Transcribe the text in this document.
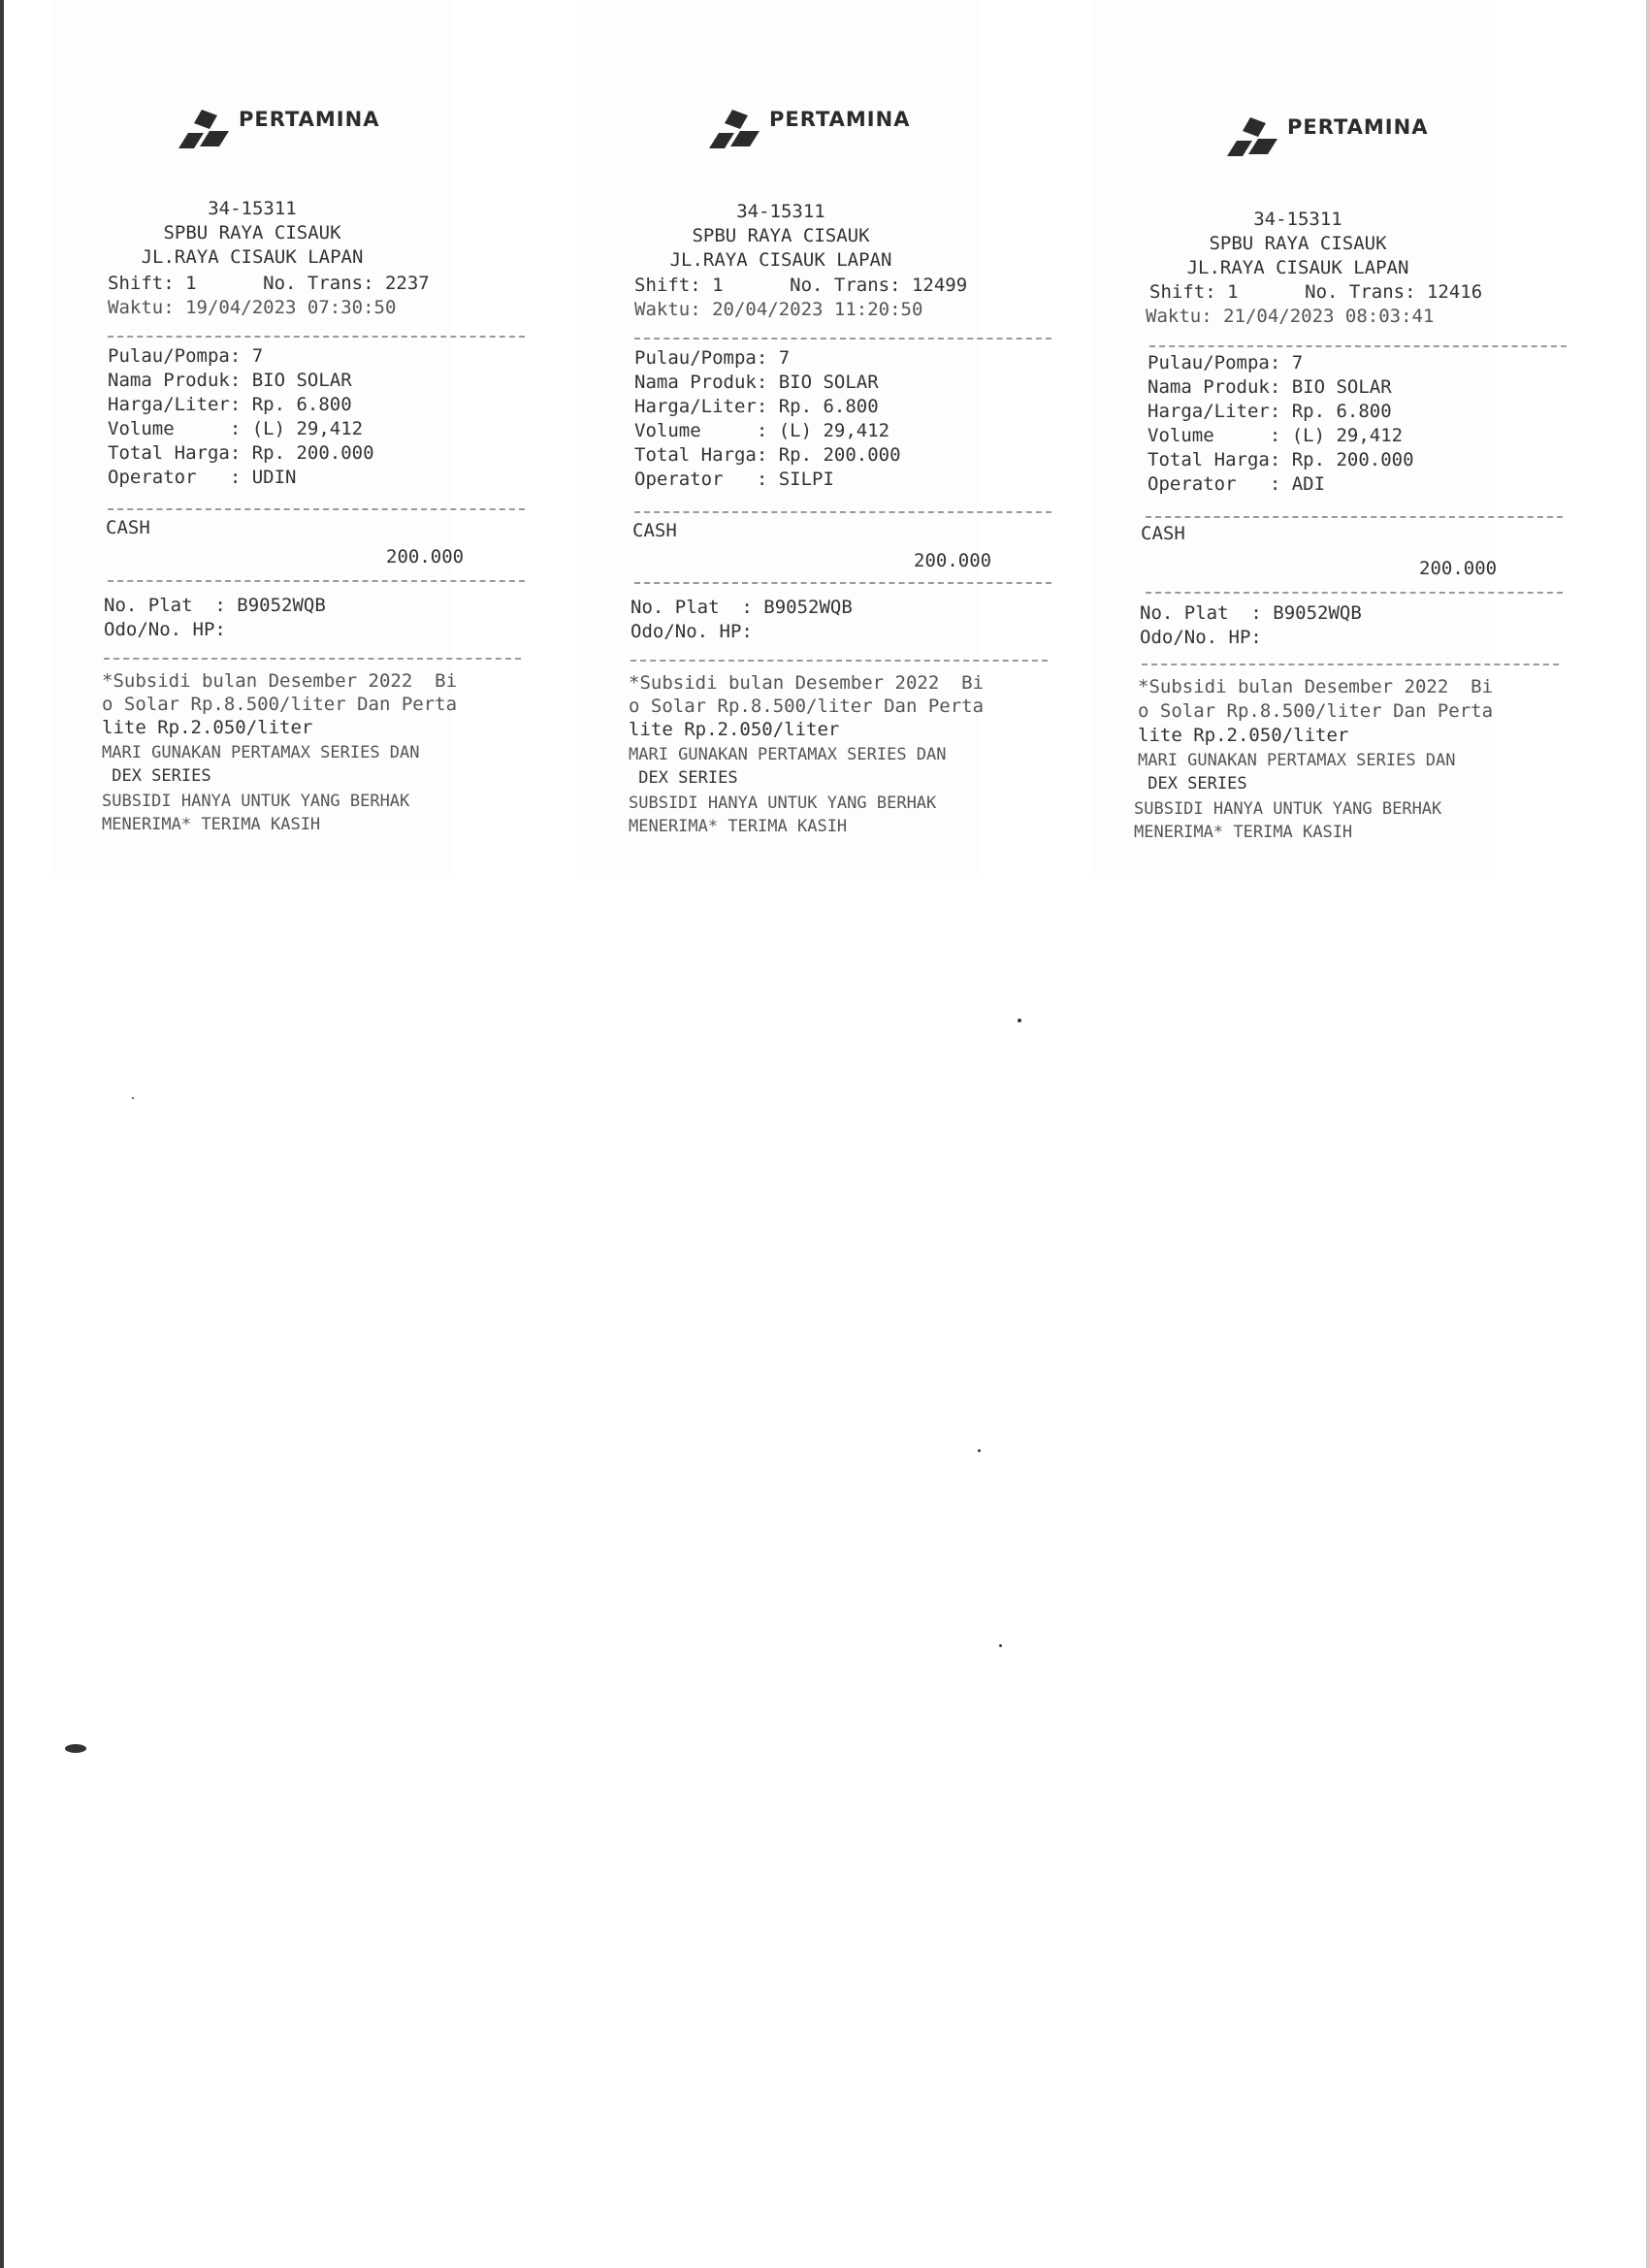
PERTAMINA
34-15311
SPBU RAYA CISAUK
JL.RAYA CISAUK LAPAN
Shift: 1      No. Trans: 2237
Waktu: 19/04/2023 07:30:50
Pulau/Pompa: 7
Nama Produk: BIO SOLAR
Harga/Liter: Rp. 6.800
Volume     : (L) 29,412
Total Harga: Rp. 200.000
Operator   : UDIN
CASH
200.000
No. Plat  : B9052WQB
Odo/No. HP:
*Subsidi bulan Desember 2022  Bi
o Solar Rp.8.500/liter Dan Perta
lite Rp.2.050/liter
MARI GUNAKAN PERTAMAX SERIES DAN
DEX SERIES
SUBSIDI HANYA UNTUK YANG BERHAK
MENERIMA* TERIMA KASIH
PERTAMINA
34-15311
SPBU RAYA CISAUK
JL.RAYA CISAUK LAPAN
Shift: 1      No. Trans: 12499
Waktu: 20/04/2023 11:20:50
Pulau/Pompa: 7
Nama Produk: BIO SOLAR
Harga/Liter: Rp. 6.800
Volume     : (L) 29,412
Total Harga: Rp. 200.000
Operator   : SILPI
CASH
200.000
No. Plat  : B9052WQB
Odo/No. HP:
*Subsidi bulan Desember 2022  Bi
o Solar Rp.8.500/liter Dan Perta
lite Rp.2.050/liter
MARI GUNAKAN PERTAMAX SERIES DAN
DEX SERIES
SUBSIDI HANYA UNTUK YANG BERHAK
MENERIMA* TERIMA KASIH
PERTAMINA
34-15311
SPBU RAYA CISAUK
JL.RAYA CISAUK LAPAN
Shift: 1      No. Trans: 12416
Waktu: 21/04/2023 08:03:41
Pulau/Pompa: 7
Nama Produk: BIO SOLAR
Harga/Liter: Rp. 6.800
Volume     : (L) 29,412
Total Harga: Rp. 200.000
Operator   : ADI
CASH
200.000
No. Plat  : B9052WQB
Odo/No. HP:
*Subsidi bulan Desember 2022  Bi
o Solar Rp.8.500/liter Dan Perta
lite Rp.2.050/liter
MARI GUNAKAN PERTAMAX SERIES DAN
DEX SERIES
SUBSIDI HANYA UNTUK YANG BERHAK
MENERIMA* TERIMA KASIH
